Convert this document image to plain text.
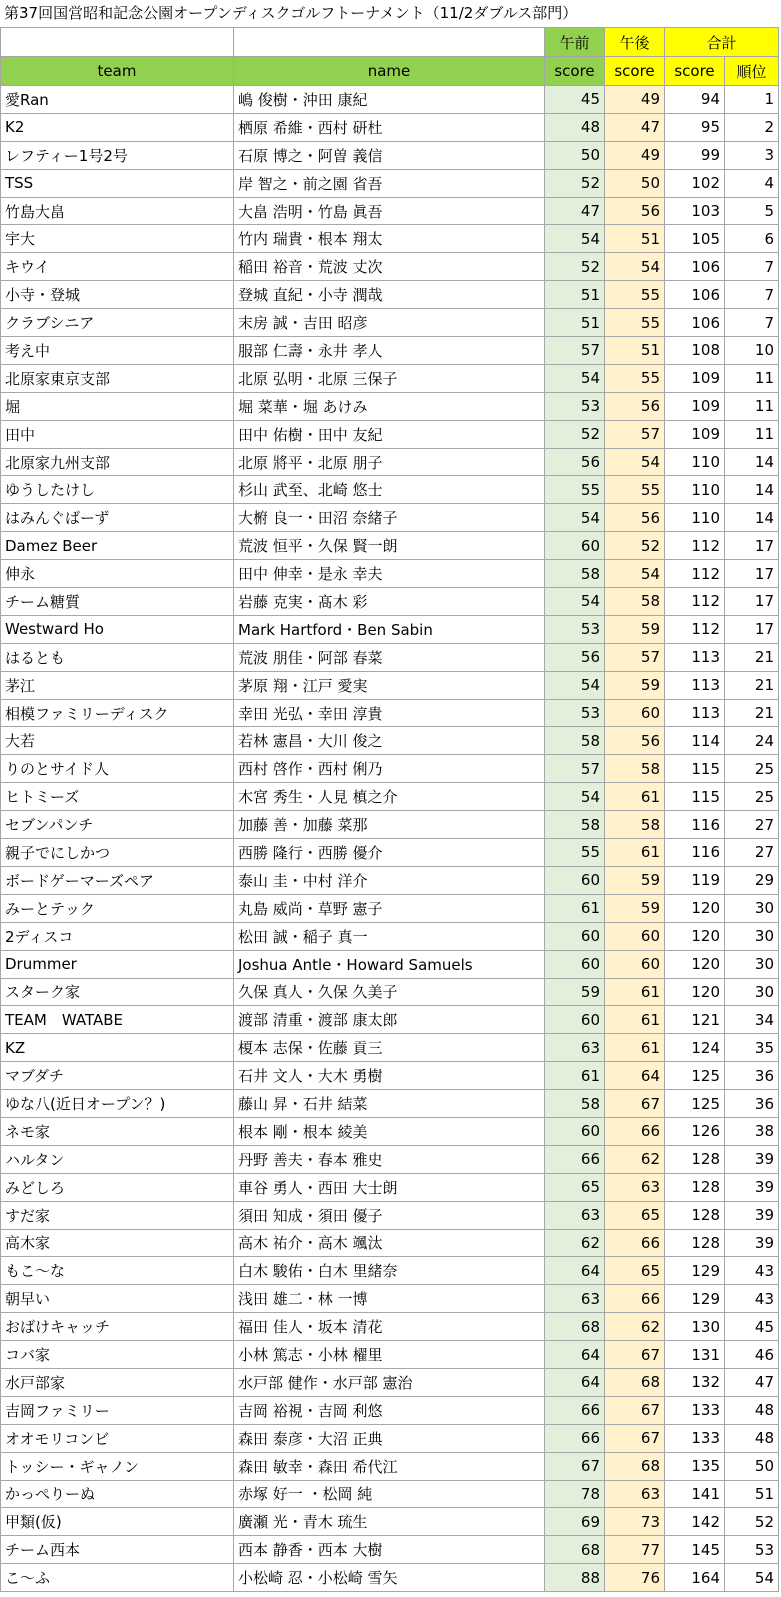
第37回国営昭和記念公園オープンディスクゴルフトーナメント（11/2ダブルス部門）
		午前	午後	合計	
team	name	score	score	score	順位
愛Ran	嶋 俊樹・沖田 康紀	45	49	94	1
K2	栖原 希維・西村 研杜	48	47	95	2
レフティー1号2号	石原 博之・阿曽 義信	50	49	99	3
TSS	岸 智之・前之園 省吾	52	50	102	4
竹島大畠	大畠 浩明・竹島 眞吾	47	56	103	5
宇大	竹内 瑞貴・根本 翔太	54	51	105	6
キウイ	稲田 裕音・荒波 丈次	52	54	106	7
小寺・登城	登城 直紀・小寺 潤哉	51	55	106	7
クラブシニア	末房 誠・吉田 昭彦	51	55	106	7
考え中	服部 仁壽・永井 孝人	57	51	108	10
北原家東京支部	北原 弘明・北原 三保子	54	55	109	11
堀	堀 菜華・堀 あけみ	53	56	109	11
田中	田中 佑樹・田中 友紀	52	57	109	11
北原家九州支部	北原 將平・北原 朋子	56	54	110	14
ゆうしたけし	杉山 武至、北崎 悠士	55	55	110	14
はみんぐばーず	大椨 良一・田沼 奈緒子	54	56	110	14
Damez Beer	荒波 恒平・久保 賢一朗	60	52	112	17
伸永	田中 伸幸・是永 幸夫	58	54	112	17
チーム糖質	岩藤 克実・髙木 彩	54	58	112	17
Westward Ho	Mark Hartford・Ben Sabin	53	59	112	17
はるとも	荒波 朋佳・阿部 春菜	56	57	113	21
茅江	茅原 翔・江戸 愛実	54	59	113	21
相模ファミリーディスク	幸田 光弘・幸田 淳貴	53	60	113	21
大若	若林 憲昌・大川 俊之	58	56	114	24
りのとサイド人	西村 啓作・西村 俐乃	57	58	115	25
ヒトミーズ	木宮 秀生・人見 槙之介	54	61	115	25
セブンパンチ	加藤 善・加藤 菜那	58	58	116	27
親子でにしかつ	西勝 隆行・西勝 優介	55	61	116	27
ボードゲーマーズペア	泰山 圭・中村 洋介	60	59	119	29
みーとテック	丸島 威尚・草野 憲子	61	59	120	30
2ディスコ	松田 誠・稲子 真一	60	60	120	30
Drummer	Joshua Antle・Howard Samuels	60	60	120	30
スターク家	久保 真人・久保 久美子	59	61	120	30
TEAM　WATABE	渡部 清重・渡部 康太郎	60	61	121	34
KZ	榎本 志保・佐藤 貢三	63	61	124	35
マブダチ	石井 文人・大木 勇樹	61	64	125	36
ゆな八(近日オープン？)	藤山 昇・石井 結菜	58	67	125	36
ネモ家	根本 剛・根本 綾美	60	66	126	38
ハルタン	丹野 善夫・春本 雅史	66	62	128	39
みどしろ	車谷 勇人・西田 大士朗	65	63	128	39
すだ家	須田 知成・須田 優子	63	65	128	39
高木家	高木 祐介・高木 颯汰	62	66	128	39
もこ～な	白木 駿佑・白木 里緒奈	64	65	129	43
朝早い	浅田 雄二・林 一博	63	66	129	43
おばけキャッチ	福田 佳人・坂本 清花	68	62	130	45
コバ家	小林 篤志・小林 櫂里	64	67	131	46
水戸部家	水戸部 健作・水戸部 憲治	64	68	132	47
吉岡ファミリー	吉岡 裕視・吉岡 利悠	66	67	133	48
オオモリコンビ	森田 泰彦・大沼 正典	66	67	133	48
トッシー・ギャノン	森田 敏幸・森田 希代江	67	68	135	50
かっぺりーぬ	赤塚 好一 ・松岡 純	78	63	141	51
甲類(仮)	廣瀬 光・青木 琉生	69	73	142	52
チーム西本	西本 静香・西本 大樹	68	77	145	53
こ～ふ	小松崎 忍・小松崎 雪矢	88	76	164	54
